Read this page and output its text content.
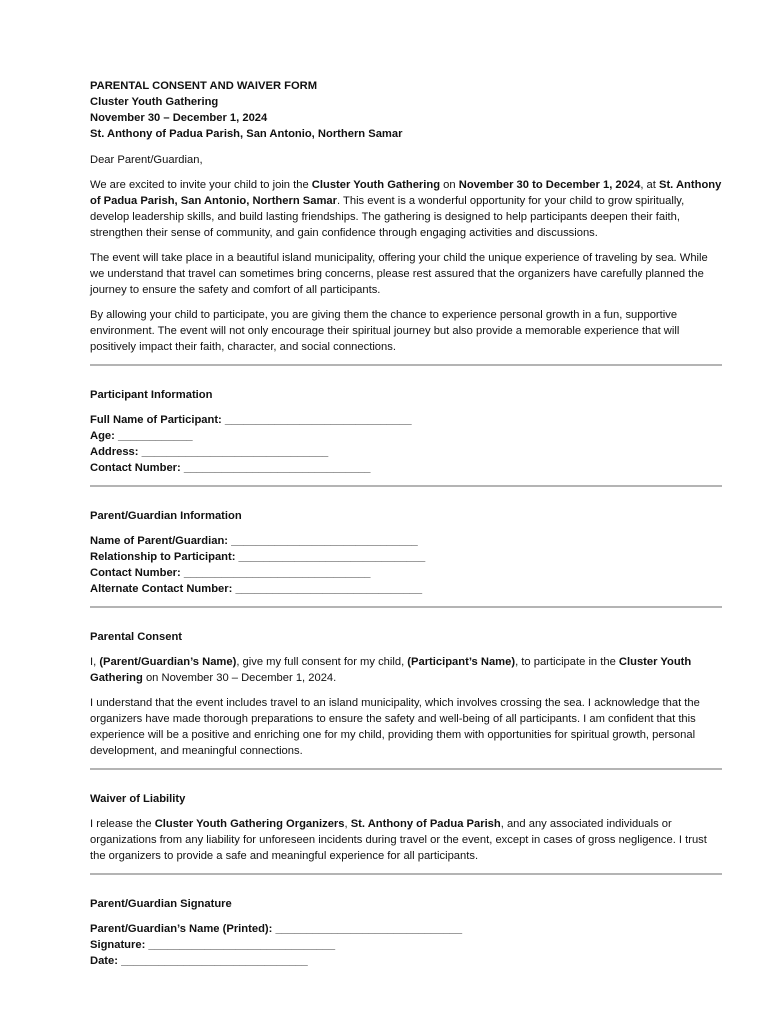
PARENTAL CONSENT AND WAIVER FORM

Cluster Youth Gathering

November 30 – December 1, 2024

St. Anthony of Padua Parish, San Antonio, Northern Samar

Dear Parent/Guardian,

We are excited to invite your child to join the Cluster Youth Gathering on November 30 to December 1, 2024, at St. Anthony of Padua Parish, San Antonio, Northern Samar. This event is a wonderful opportunity for your child to grow spiritually, develop leadership skills, and build lasting friendships. The gathering is designed to help participants deepen their faith, strengthen their sense of community, and gain confidence through engaging activities and discussions.

The event will take place in a beautiful island municipality, offering your child the unique experience of traveling by sea. While we understand that travel can sometimes bring concerns, please rest assured that the organizers have carefully planned the journey to ensure the safety and comfort of all participants.

By allowing your child to participate, you are giving them the chance to experience personal growth in a fun, supportive environment. The event will not only encourage their spiritual journey but also provide a memorable experience that will positively impact their faith, character, and social connections.

Participant Information

Full Name of Participant: ______________________________
Age: ____________
Address: ______________________________
Contact Number: ______________________________

Parent/Guardian Information

Name of Parent/Guardian: ______________________________
Relationship to Participant: ______________________________
Contact Number: ______________________________
Alternate Contact Number: ______________________________

Parental Consent

I, (Parent/Guardian’s Name), give my full consent for my child, (Participant’s Name), to participate in the Cluster Youth Gathering on November 30 – December 1, 2024.

I understand that the event includes travel to an island municipality, which involves crossing the sea. I acknowledge that the organizers have made thorough preparations to ensure the safety and well-being of all participants. I am confident that this experience will be a positive and enriching one for my child, providing them with opportunities for spiritual growth, personal development, and meaningful connections.

Waiver of Liability

I release the Cluster Youth Gathering Organizers, St. Anthony of Padua Parish, and any associated individuals or organizations from any liability for unforeseen incidents during travel or the event, except in cases of gross negligence. I trust the organizers to provide a safe and meaningful experience for all participants.

Parent/Guardian Signature

Parent/Guardian’s Name (Printed): ______________________________
Signature: ______________________________
Date: ______________________________
